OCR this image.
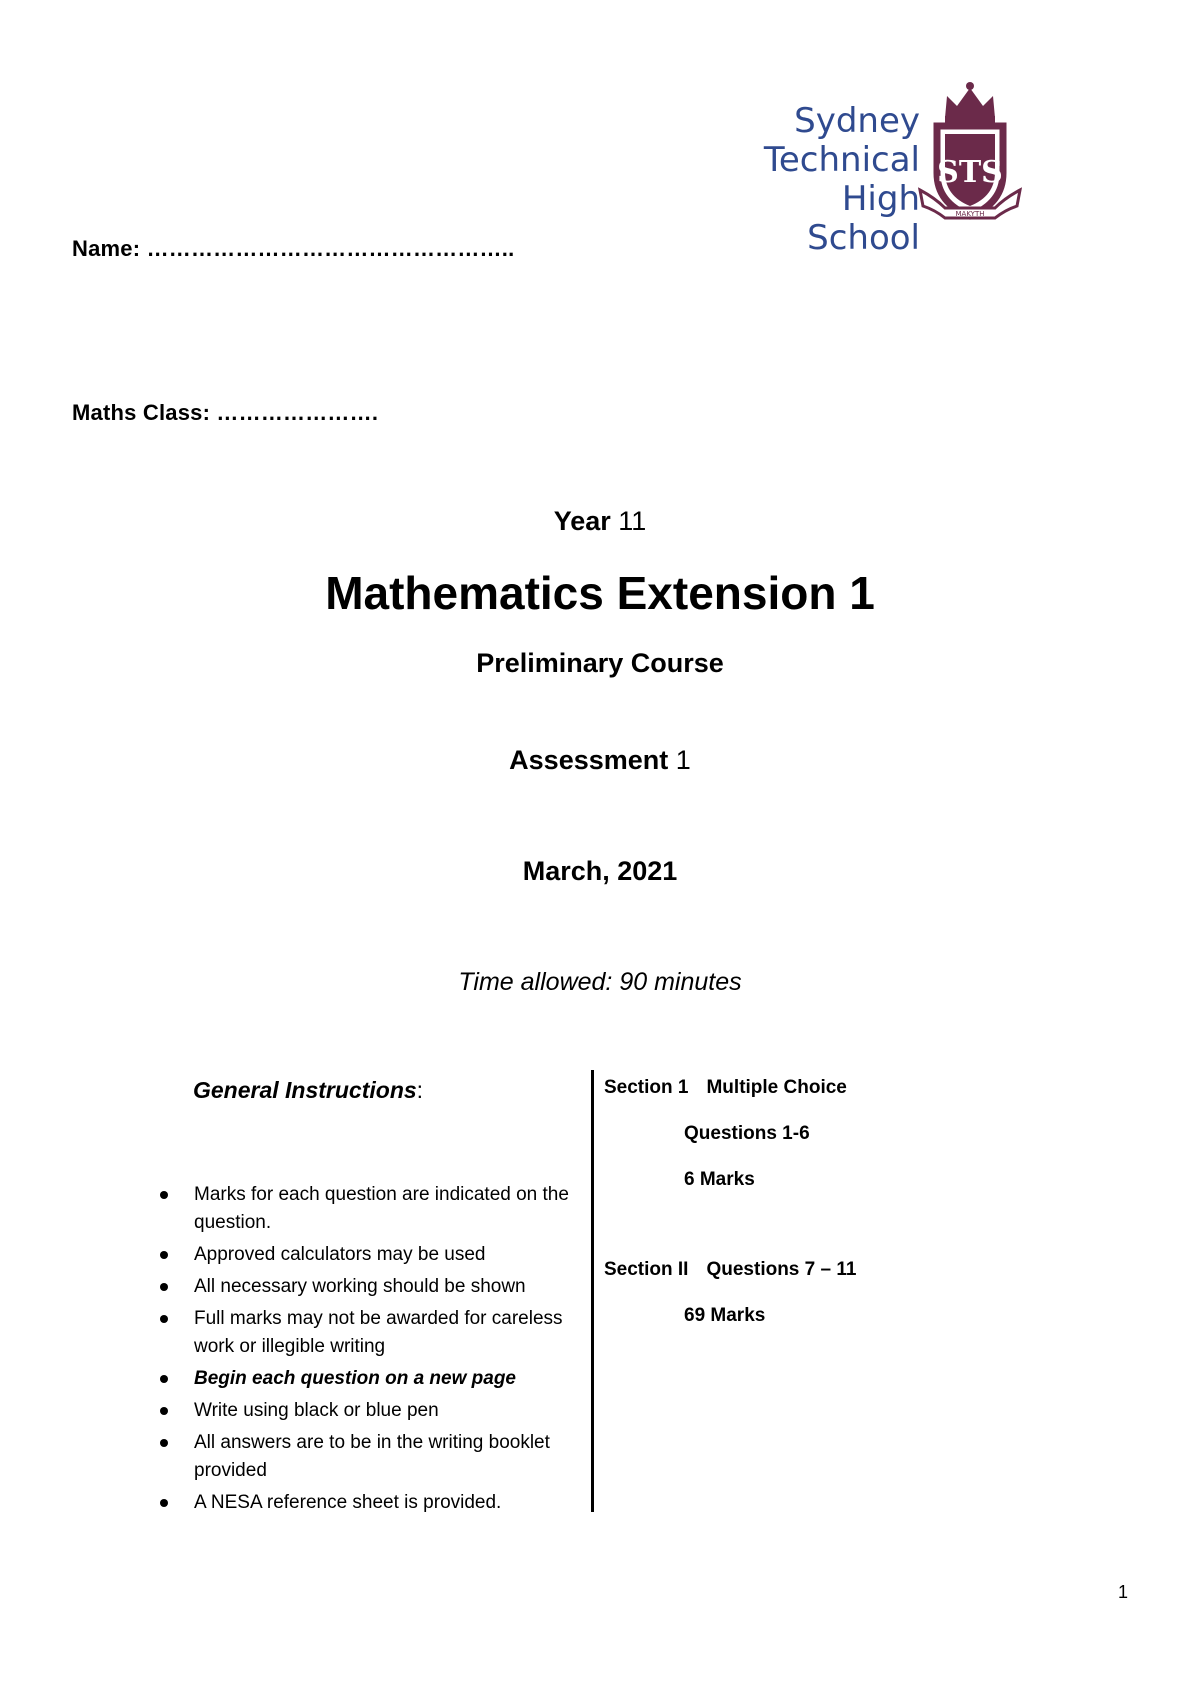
Sydney
Technical
High School
STS
MAKYTH
Name: …………………………………………..
Maths Class: ………………….
Year 11
Mathematics Extension 1
Preliminary Course
Assessment 1
March, 2021
Time allowed: 90 minutes
General Instructions:
Marks for each question are indicated on the question.
Approved calculators may be used
All necessary working should be shown
Full marks may not be awarded for careless work or illegible writing
Begin each question on a new page
Write using black or blue pen
All answers are to be in the writing booklet provided
A NESA reference sheet is provided.
Section 1 Multiple Choice
Questions 1-6
6 Marks
Section II Questions 7 – 11
69 Marks
1
